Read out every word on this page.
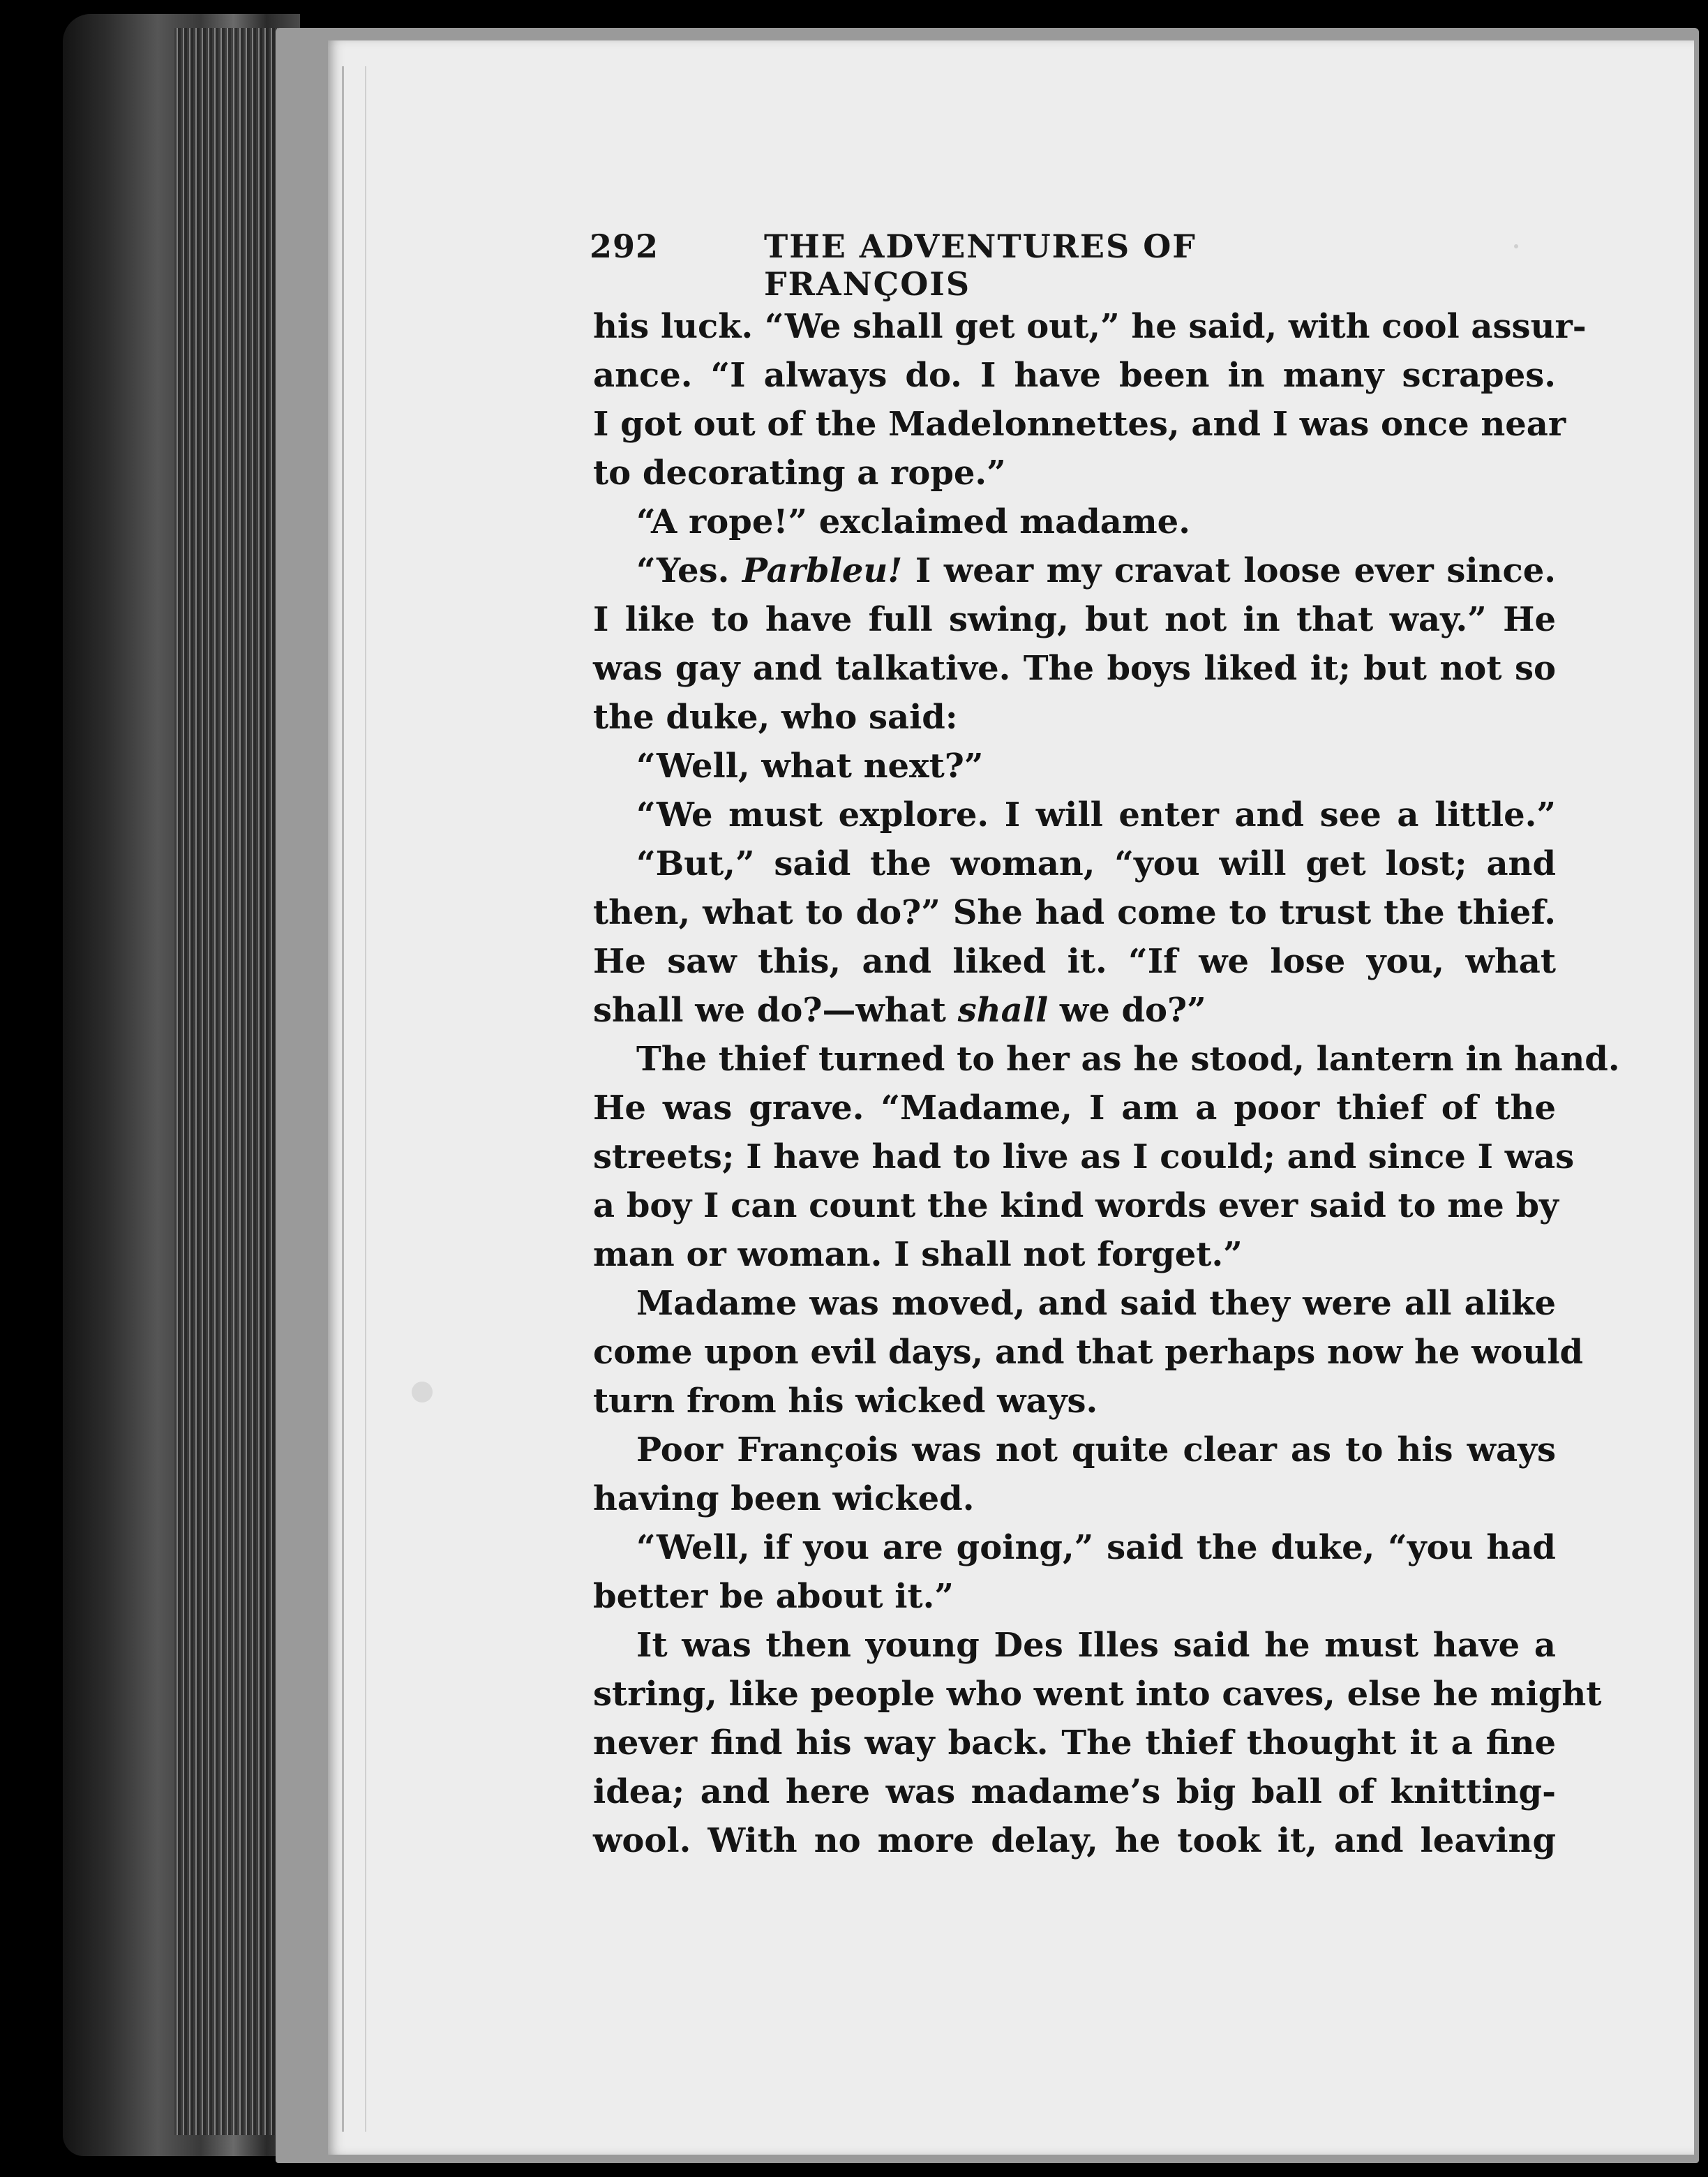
292	THE ADVENTURES OF FRANÇOIS
his luck. “We shall get out,” he said, with cool assur-
ance. “I always do. I have been in many scrapes.
I got out of the Madelonnettes, and I was once near
to decorating a rope.”
“A rope!” exclaimed madame.
“Yes. Parbleu! I wear my cravat loose ever since.
I like to have full swing, but not in that way.” He
was gay and talkative. The boys liked it; but not so
the duke, who said:
“Well, what next?”
“We must explore. I will enter and see a little.”
“But,” said the woman, “you will get lost; and
then, what to do?” She had come to trust the thief.
He saw this, and liked it. “If we lose you, what
shall we do?—what shall we do?”
The thief turned to her as he stood, lantern in hand.
He was grave. “Madame, I am a poor thief of the
streets; I have had to live as I could; and since I was
a boy I can count the kind words ever said to me by
man or woman. I shall not forget.”
Madame was moved, and said they were all alike
come upon evil days, and that perhaps now he would
turn from his wicked ways.
Poor François was not quite clear as to his ways
having been wicked.
“Well, if you are going,” said the duke, “you had
better be about it.”
It was then young Des Illes said he must have a
string, like people who went into caves, else he might
never find his way back. The thief thought it a fine
idea; and here was madame’s big ball of knitting-
wool. With no more delay, he took it, and leaving
